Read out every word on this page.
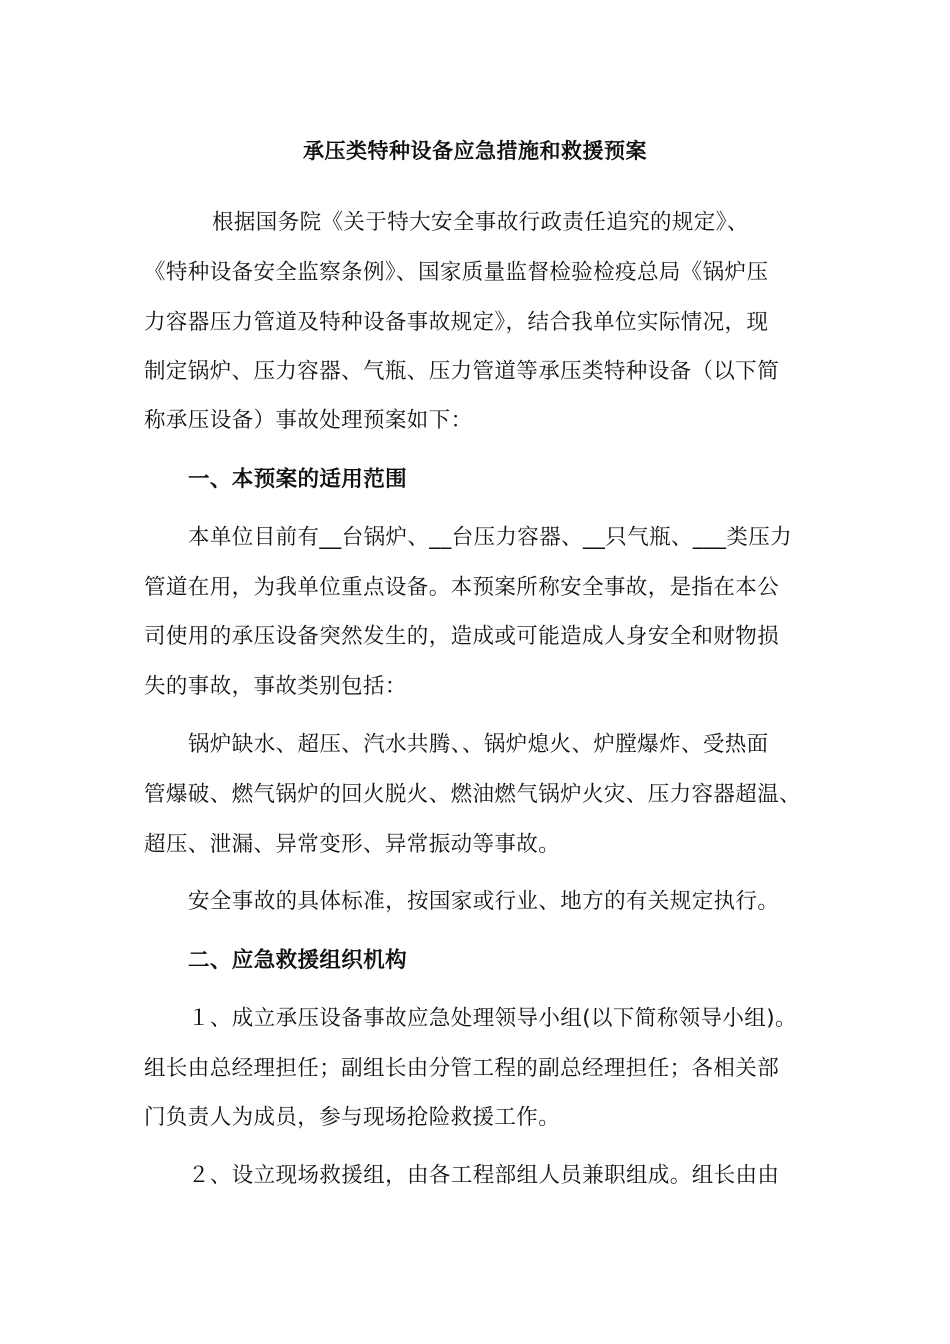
承压类特种设备应急措施和救援预案
根据国务院《关于特大安全事故行政责任追究的规定》、
《特种设备安全监察条例》、国家质量监督检验检疫总局《锅炉压
力容器压力管道及特种设备事故规定》，结合我单位实际情况，现
制定锅炉、压力容器、气瓶、压力管道等承压类特种设备（以下简
称承压设备）事故处理预案如下：
一、本预案的适用范围
本单位目前有__台锅炉、__台压力容器、__只气瓶、___类压力
管道在用，为我单位重点设备。本预案所称安全事故，是指在本公
司使用的承压设备突然发生的，造成或可能造成人身安全和财物损
失的事故，事故类别包括：
锅炉缺水、超压、汽水共腾、、锅炉熄火、炉膛爆炸、受热面
管爆破、燃气锅炉的回火脱火、燃油燃气锅炉火灾、压力容器超温、
超压、泄漏、异常变形、异常振动等事故。
安全事故的具体标准，按国家或行业、地方的有关规定执行。
二、应急救援组织机构
１、成立承压设备事故应急处理领导小组(以下简称领导小组)。
组长由总经理担任；副组长由分管工程的副总经理担任；各相关部
门负责人为成员，参与现场抢险救援工作。
２、设立现场救援组，由各工程部组人员兼职组成。组长由由
